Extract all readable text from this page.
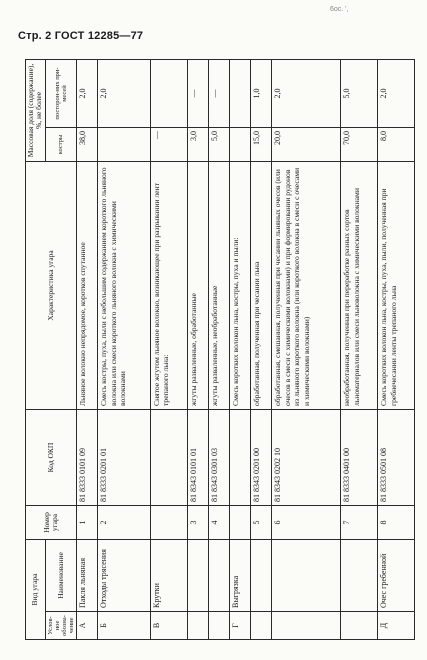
Стр. 2 ГОСТ 12285—77
6ос. ',
Вид угара		Номер угара	Код ОКП	Характеристика угара	Массовая доля (содержание), %, не более	
Услов-ное обозна-чение	Наименование				костры	посторон-них при-месей
А	Пакля льняная	1	81 8333 0101 09	Льняное волокно непрядомое, коротков спутанное	38,0	2,0
Б	Отходы трясения	2	81 8333 0201 01	Смесь костры, пуха, пыли с небольшим содержанием короткого льняного волокна или смеси короткого льняного волокна с химическими волокнами		2,0
В	Крутки			Снятое жгутом льняное волокно, возникающее при разрывании лент трепаного льна:	—	
		3	81 8343 0101 01	жгуты разваленные, обработанные	3,0	—
		4	81 8343 0301 03	жгуты разваленные, необработанные	5,0	—
Г	Выгрязка			Смесь коротких волокон льна, костры, пуха и пыли:		
		5	81 8343 0201 00	обработанная, полученная при чесании льна	15,0	1,0
		6	81 8343 0202 10	обработанная, смешанная, полученная при чесании льняных очесов (или очесов в смеси с химическими волокнами) и при формировании рудонов из льняного короткого волокна (или короткого волокна в смеси с очесами и химическими волокнами)	20,0	2,0
		7	81 8333 0401 00	необработанная, полученная при переработке разных сортов льноматериалов или смеси льноволокна с химическими волокнами	70,0	5,0
Д	Очес гребенной	8	81 8333 0501 08	Смесь коротких волокон льна, костры, пуха, пыли, полученная при гребнечесании ленты трепаного льна	8,0	2,0
